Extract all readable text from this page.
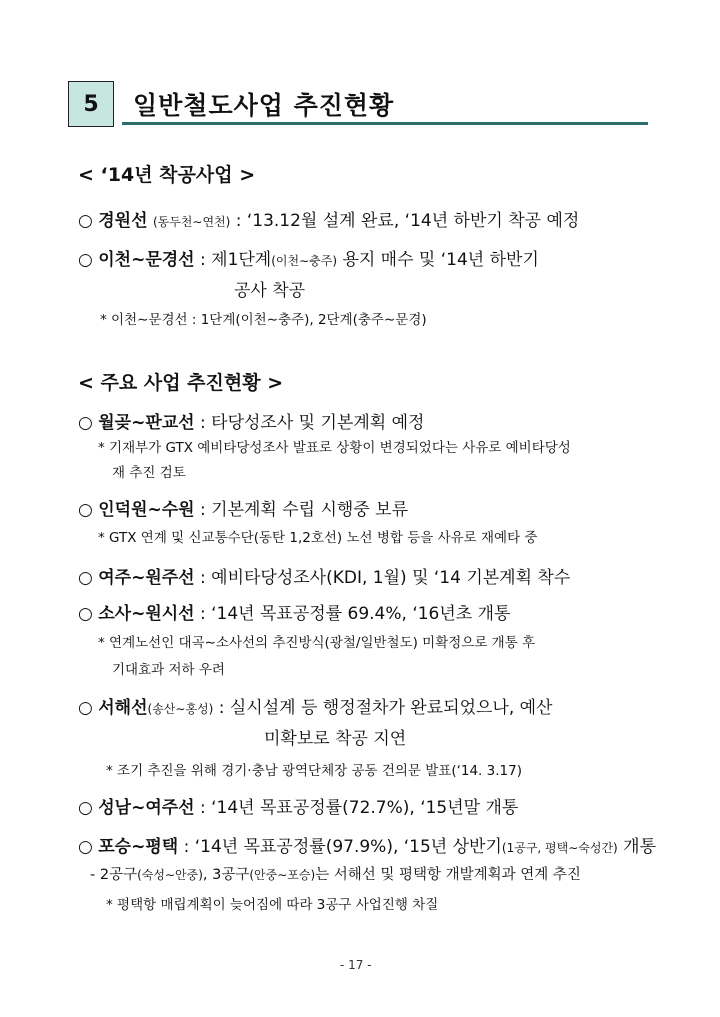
5 일반철도사업 추진현황
< ‘14년 착공사업 >
○ 경원선 (동두천∼연천) : ‘13.12월 설계 완료, ‘14년 하반기 착공 예정
○ 이천∼문경선 : 제1단계(이천∼충주) 용지 매수 및 ‘14년 하반기
공사 착공
* 이천∼문경선 : 1단계(이천∼충주), 2단계(충주∼문경)
< 주요 사업 추진현황 >
○ 월곶∼판교선 : 타당성조사 및 기본계획 예정
* 기재부가 GTX 예비타당성조사 발표로 상황이 변경되었다는 사유로 예비타당성
재 추진 검토
○ 인덕원∼수원 : 기본계획 수립 시행중 보류
* GTX 연계 및 신교통수단(동탄 1,2호선) 노선 병합 등을 사유로 재예타 중
○ 여주∼원주선 : 예비타당성조사(KDI, 1월) 및 ‘14 기본계획 착수
○ 소사∼원시선 : ‘14년 목표공정률 69.4%, ‘16년초 개통
* 연계노선인 대곡∼소사선의 추진방식(광철/일반철도) 미확정으로 개통 후
기대효과 저하 우려
○ 서해선(송산∼홍성) : 실시설계 등 행정절차가 완료되었으나, 예산
미확보로 착공 지연
* 조기 추진을 위해 경기·충남 광역단체장 공동 건의문 발표(‘14. 3.17)
○ 성남∼여주선 : ‘14년 목표공정률(72.7%), ‘15년말 개통
○ 포승∼평택 : ‘14년 목표공정률(97.9%), ‘15년 상반기(1공구, 평택∼숙성간) 개통
- 2공구(숙성∼안중), 3공구(안중∼포승)는 서해선 및 평택항 개발계획과 연계 추진
* 평택항 매립계획이 늦어짐에 따라 3공구 사업진행 차질
- 17 -
